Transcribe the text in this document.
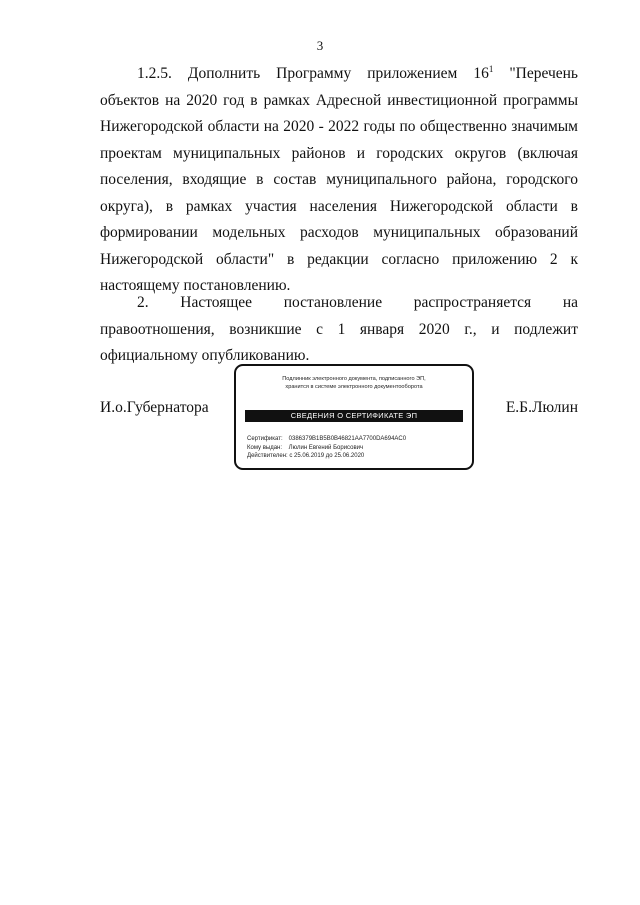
3

1.2.5. Дополнить Программу приложением $16^1$ "Перечень объектов на 2020 год в рамках Адресной инвестиционной программы Нижегородской области на 2020 - 2022 годы по общественно значимым проектам муниципальных районов и городских округов (включая поселения, входящие в состав муниципального района, городского округа), в рамках участия населения Нижегородской области в формировании модельных расходов муниципальных образований Нижегородской области" в редакции согласно приложению 2 к настоящему постановлению.

2. Настоящее постановление распространяется на правоотношения, возникшие с 1 января 2020 г., и подлежит официальному опубликованию.

И.о.Губернатора
Подлинник электронного документа, подписанного ЭП,
хранится в системе электронного документооборота
СВЕДЕНИЯ О СЕРТИФИКАТЕ ЭП
Сертификат: 0386379B1B5B0B46821AA7700DA694AC0
Кому выдан: Люлин Евгений Борисович
Действителен: с 25.06.2019 до 25.06.2020
Е.Б.Люлин
